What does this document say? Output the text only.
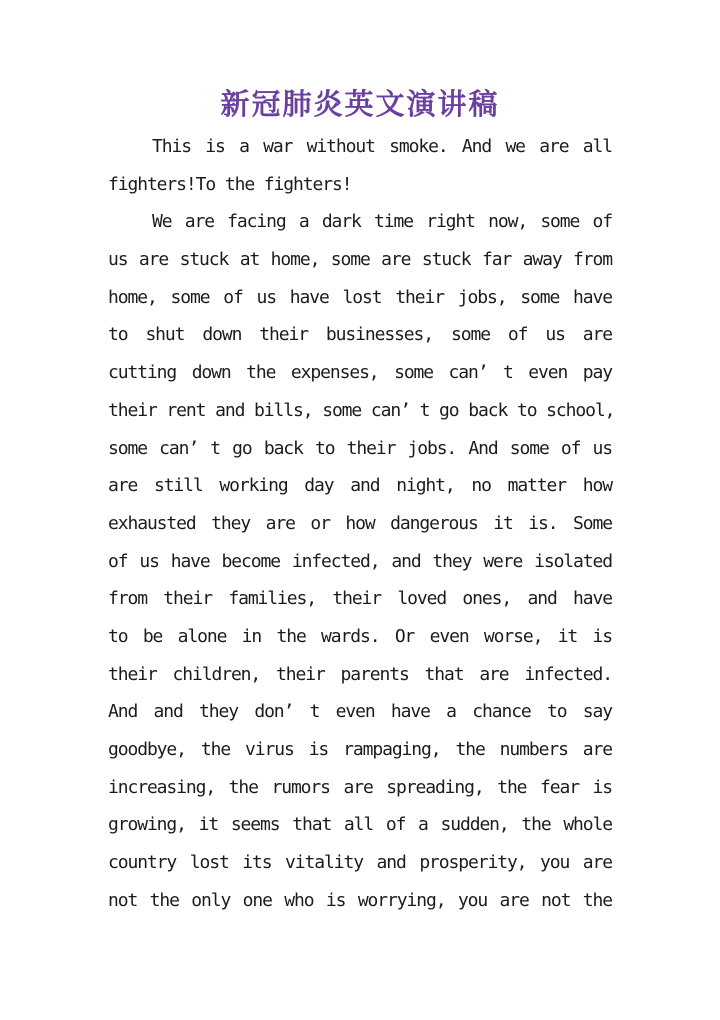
新冠肺炎英文演讲稿
This is a war without smoke. And we are all
fighters!To the fighters!
We are facing a dark time right now, some of
us are stuck at home, some are stuck far away from
home, some of us have lost their jobs, some have
to shut down their businesses, some of us are
cutting down the expenses, some can’ t even pay
their rent and bills, some can’ t go back to school,
some can’ t go back to their jobs. And some of us
are still working day and night, no matter how
exhausted they are or how dangerous it is. Some
of us have become infected, and they were isolated
from their families, their loved ones, and have
to be alone in the wards. Or even worse, it is
their children, their parents that are infected.
And and they don’ t even have a chance to say
goodbye, the virus is rampaging, the numbers are
increasing, the rumors are spreading, the fear is
growing, it seems that all of a sudden, the whole
country lost its vitality and prosperity, you are
not the only one who is worrying, you are not the
